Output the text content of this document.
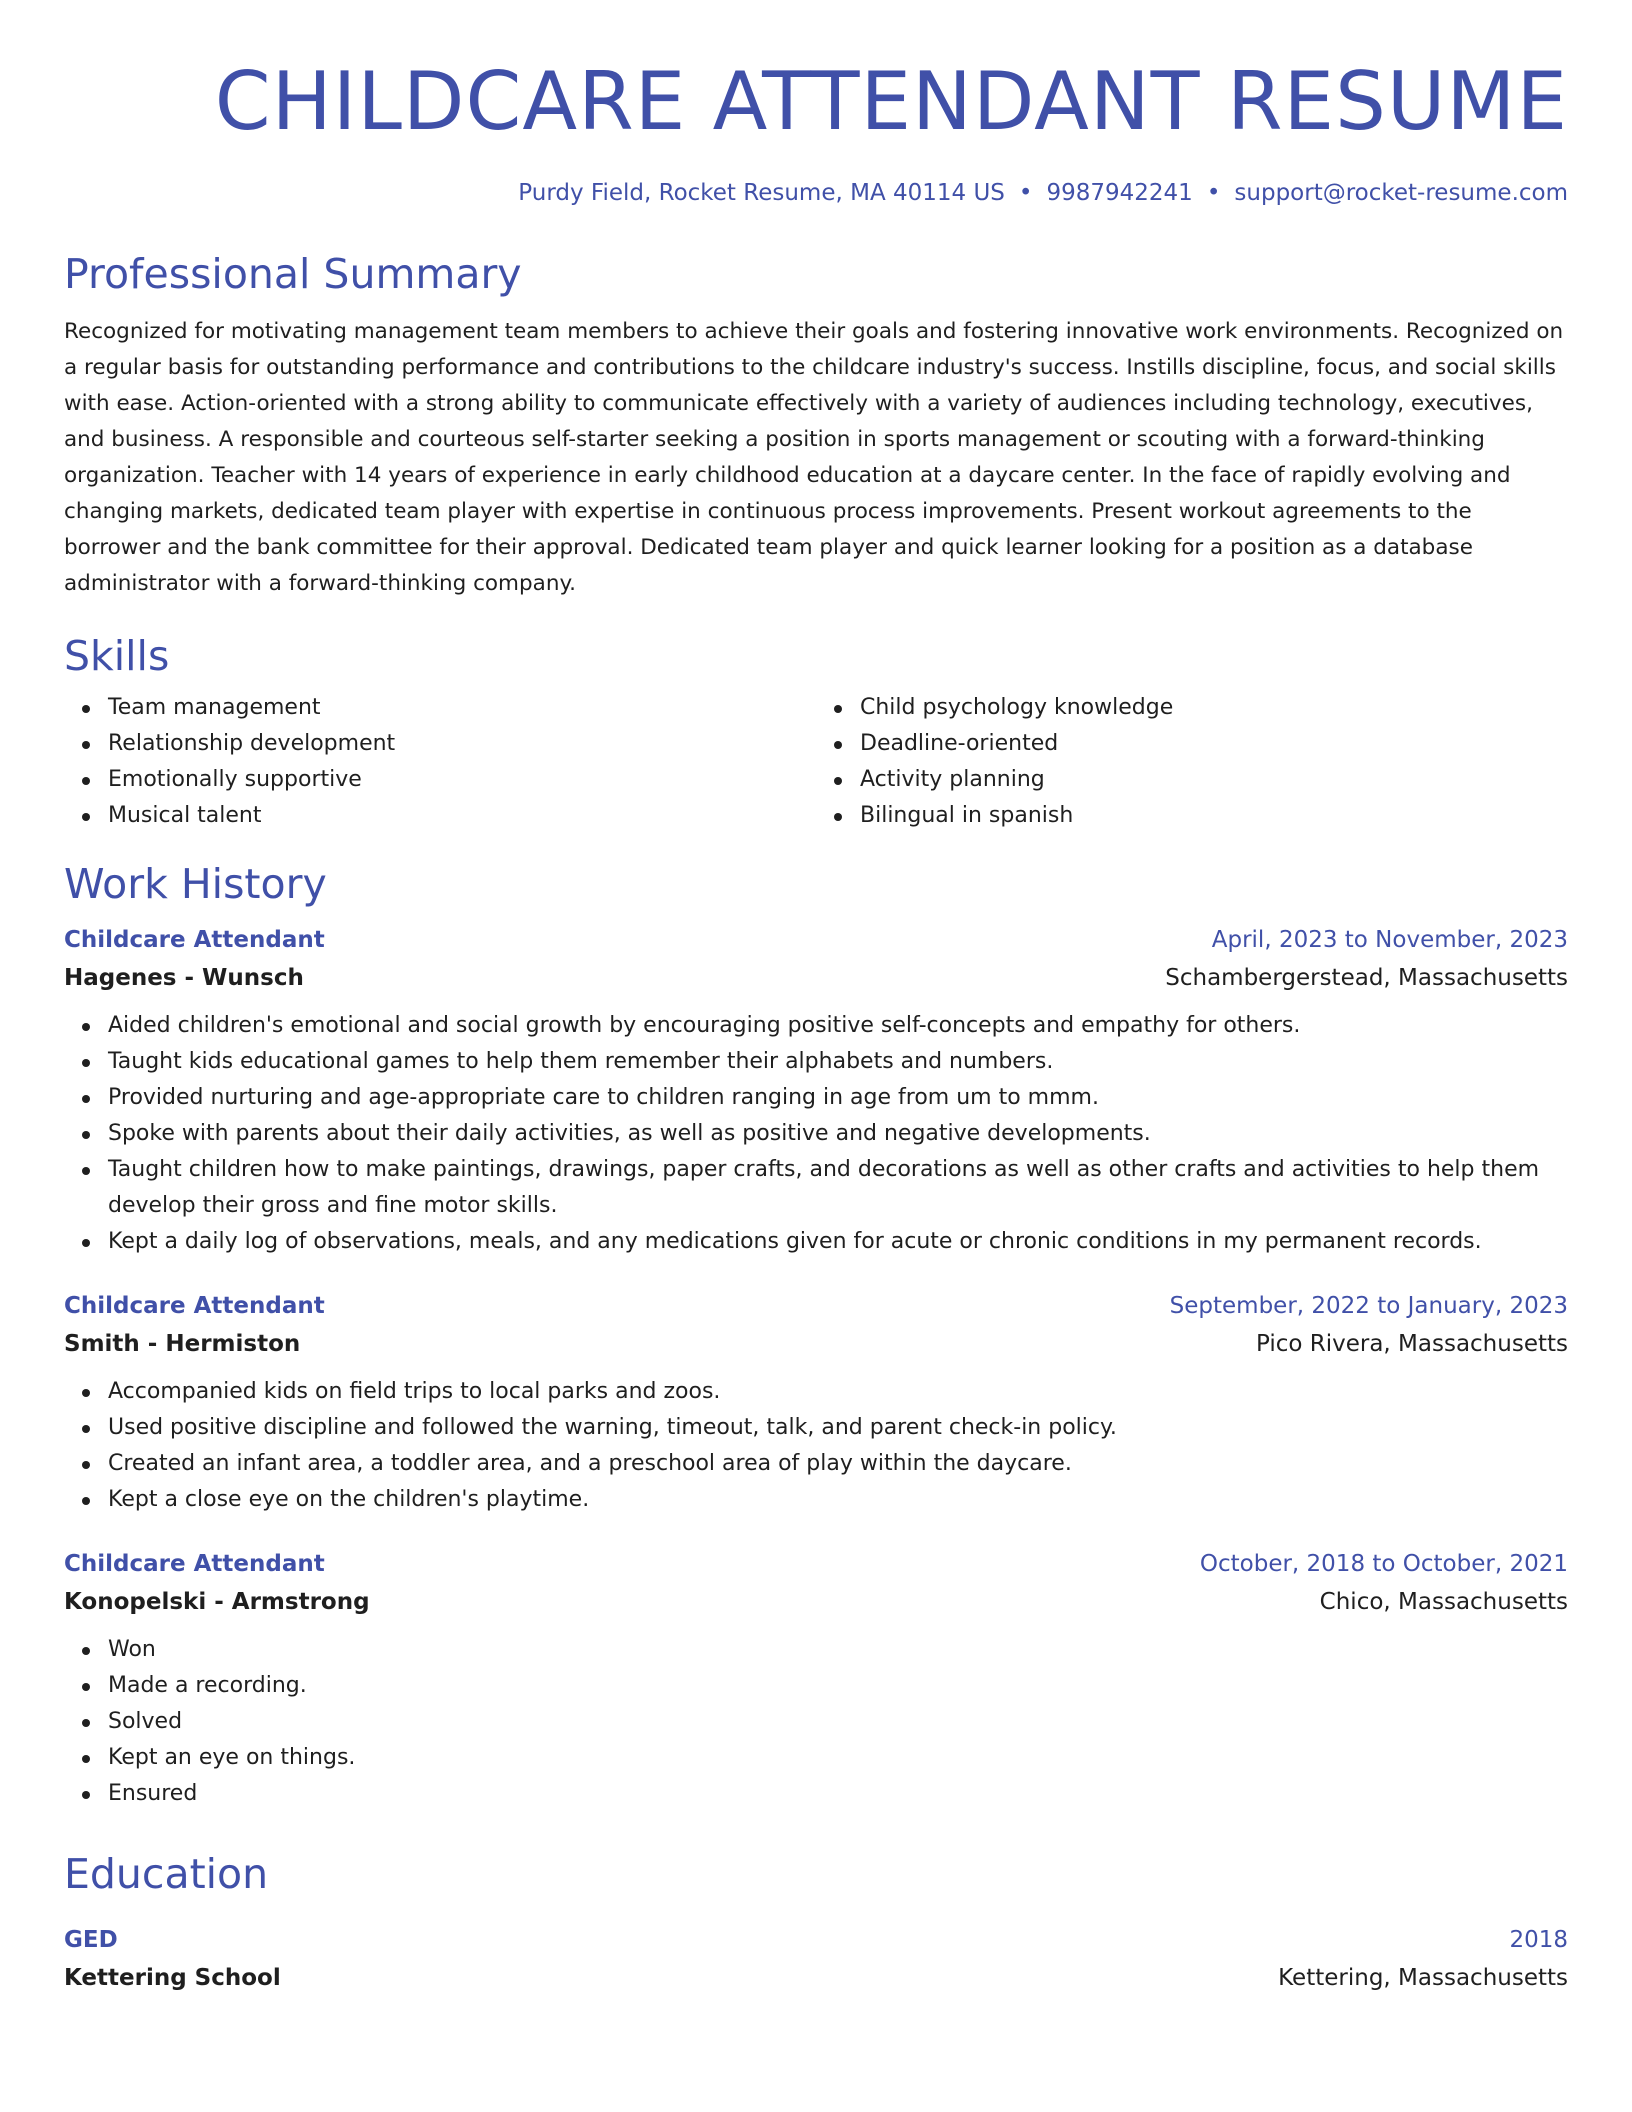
CHILDCARE ATTENDANT RESUME
Purdy Field, Rocket Resume, MA 40114 US • 9987942241 • support@rocket-resume.com
Professional Summary

Recognized for motivating management team members to achieve their goals and fostering innovative work environments. Recognized on a regular basis for outstanding performance and contributions to the childcare industry's success. Instills discipline, focus, and social skills with ease. Action-oriented with a strong ability to communicate effectively with a variety of audiences including technology, executives, and business. A responsible and courteous self-starter seeking a position in sports management or scouting with a forward-thinking organization. Teacher with 14 years of experience in early childhood education at a daycare center. In the face of rapidly evolving and changing markets, dedicated team player with expertise in continuous process improvements. Present workout agreements to the borrower and the bank committee for their approval. Dedicated team player and quick learner looking for a position as a database administrator with a forward-thinking company.

Skills
Team management
Relationship development
Emotionally supportive
Musical talent
Child psychology knowledge
Deadline-oriented
Activity planning
Bilingual in spanish
Work History
Childcare Attendant	April, 2023 to November, 2023
Hagenes - Wunsch	Schambergerstead, Massachusetts
Aided children's emotional and social growth by encouraging positive self-concepts and empathy for others.
Taught kids educational games to help them remember their alphabets and numbers.
Provided nurturing and age-appropriate care to children ranging in age from um to mmm.
Spoke with parents about their daily activities, as well as positive and negative developments.
Taught children how to make paintings, drawings, paper crafts, and decorations as well as other crafts and activities to help them develop their gross and fine motor skills.
Kept a daily log of observations, meals, and any medications given for acute or chronic conditions in my permanent records.
Childcare Attendant	September, 2022 to January, 2023
Smith - Hermiston	Pico Rivera, Massachusetts
Accompanied kids on field trips to local parks and zoos.
Used positive discipline and followed the warning, timeout, talk, and parent check-in policy.
Created an infant area, a toddler area, and a preschool area of play within the daycare.
Kept a close eye on the children's playtime.
Childcare Attendant	October, 2018 to October, 2021
Konopelski - Armstrong	Chico, Massachusetts
Won
Made a recording.
Solved
Kept an eye on things.
Ensured
Education
GED	2018
Kettering School	Kettering, Massachusetts
